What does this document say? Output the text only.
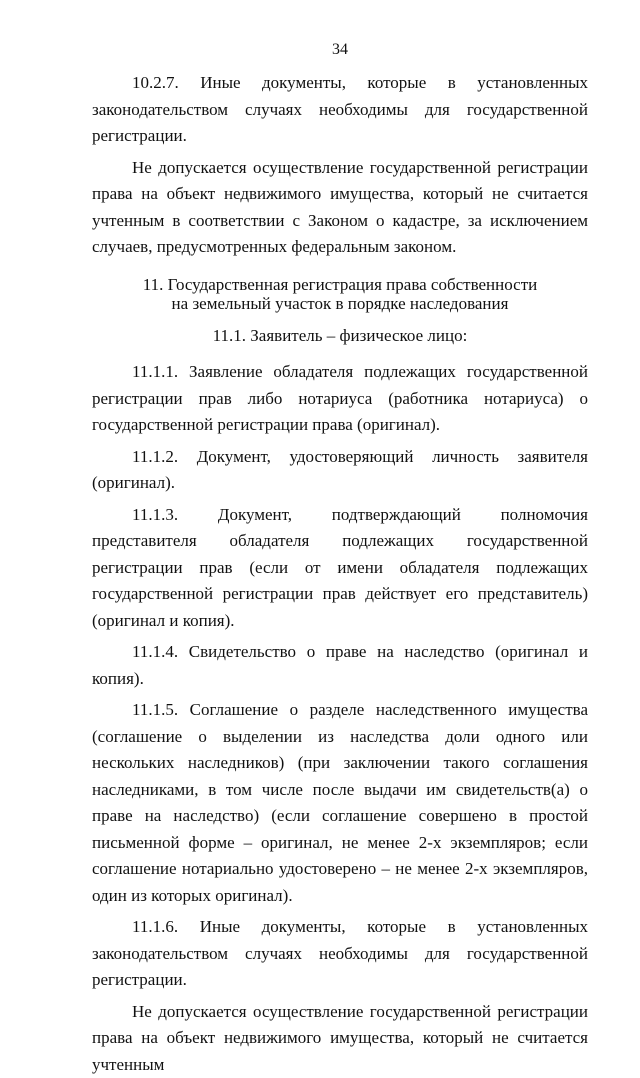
34

10.2.7. Иные документы, которые в установленных законодательством случаях необходимы для государственной регистрации.

Не допускается осуществление государственной регистрации права на объект недвижимого имущества, который не считается учтенным в соответствии с Законом о кадастре, за исключением случаев, предусмотренных федеральным законом.

11. Государственная регистрация права собственности
на земельный участок в порядке наследования
11.1. Заявитель – физическое лицо:

11.1.1. Заявление обладателя подлежащих государственной регистрации прав либо нотариуса (работника нотариуса) о государственной регистрации права (оригинал).

11.1.2. Документ, удостоверяющий личность заявителя (оригинал).

11.1.3. Документ, подтверждающий полномочия представителя обладателя подлежащих государственной регистрации прав (если от имени обладателя подлежащих государственной регистрации прав действует его представитель) (оригинал и копия).

11.1.4. Свидетельство о праве на наследство (оригинал и копия).

11.1.5. Соглашение о разделе наследственного имущества (соглашение о выделении из наследства доли одного или нескольких наследников) (при заключении такого соглашения наследниками, в том числе после выдачи им свидетельств(а) о праве на наследство) (если соглашение совершено в простой письменной форме – оригинал, не менее 2-х экземпляров; если соглашение нотариально удостоверено – не менее 2-х экземпляров, один из которых оригинал).

11.1.6. Иные документы, которые в установленных законодательством случаях необходимы для государственной регистрации.

Не допускается осуществление государственной регистрации права на объект недвижимого имущества, который не считается учтенным
